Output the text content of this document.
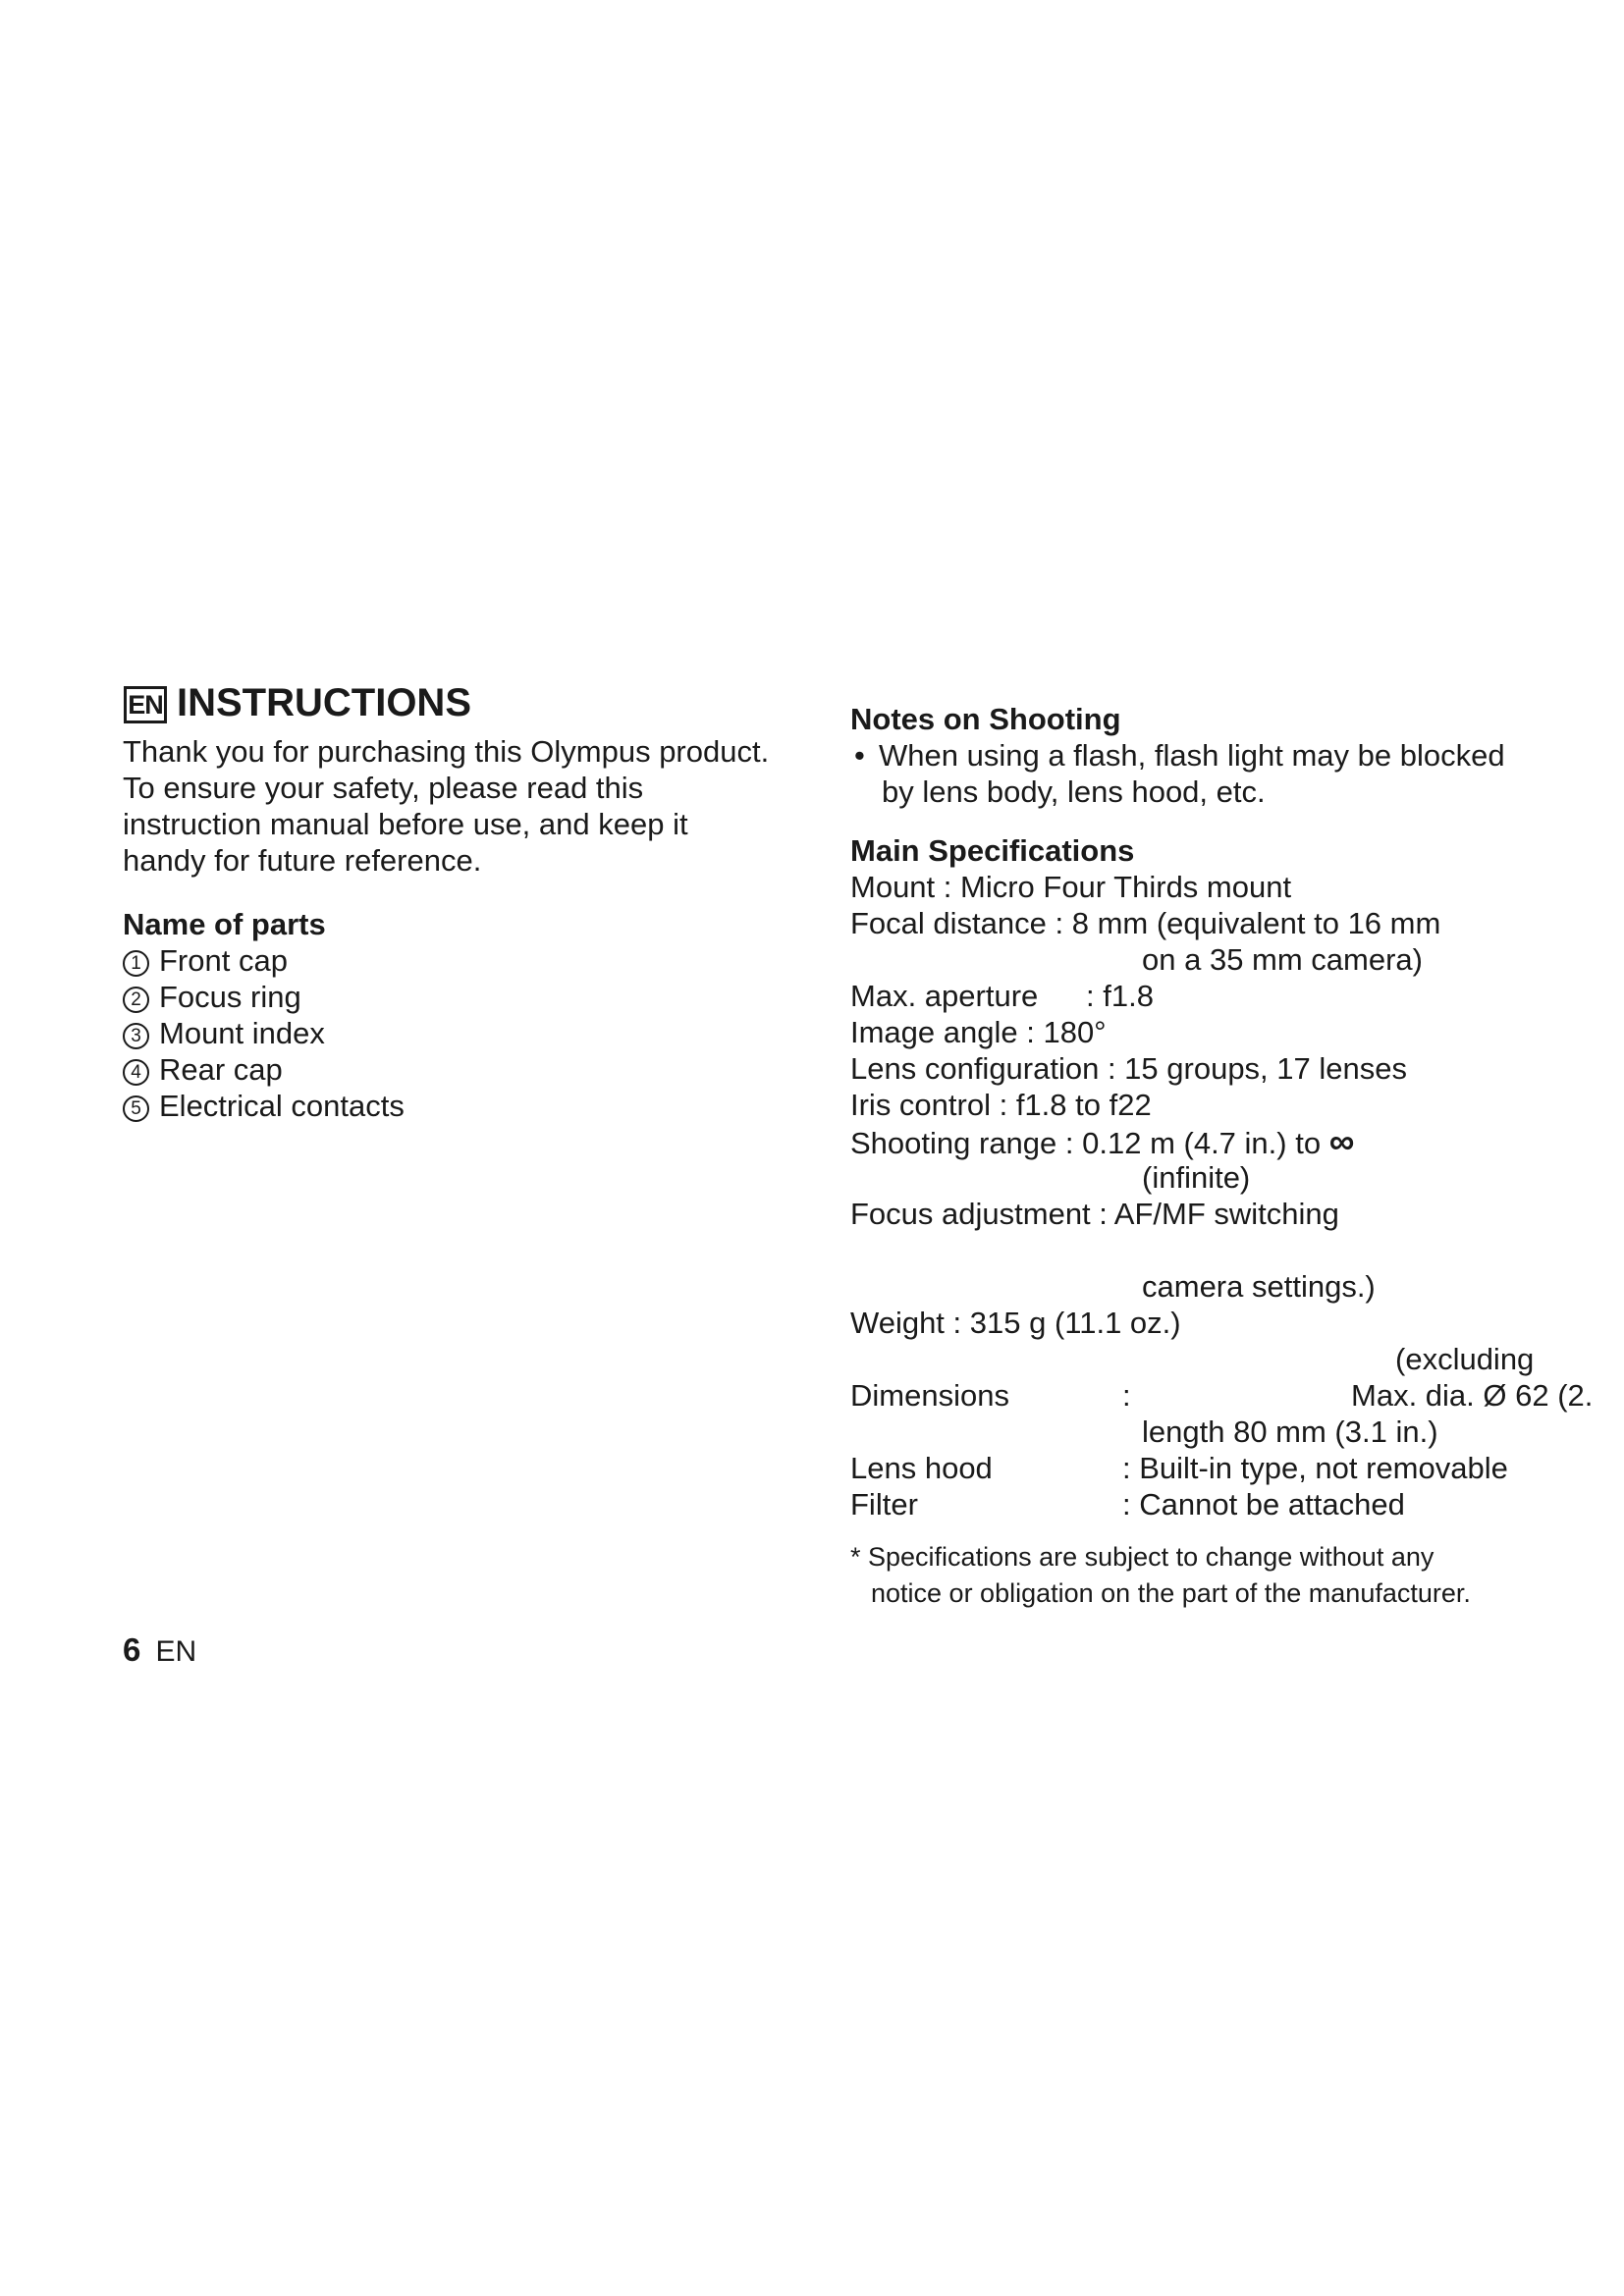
EN INSTRUCTIONS
Thank you for purchasing this Olympus product.
To ensure your safety, please read this
instruction manual before use, and keep it
handy for future reference.
Name of parts
1 Front cap
2 Focus ring
3 Mount index
4 Rear cap
5 Electrical contacts
Notes on Shooting
• When using a flash, flash light may be blocked
by lens body, lens hood, etc.
Main Specifications
Mount : Micro Four Thirds mount
Focal distance : 8 mm (equivalent to 16 mm
on a 35 mm camera)
Max. aperture : f1.8
Image angle : 180°
Lens configuration : 15 groups, 17 lenses
Iris control : f1.8 to f22
Shooting range : 0.12 m (4.7 in.) to ∞
(infinite)
Focus adjustment : AF/MF switching
camera settings.)
Weight : 315 g (11.1 oz.)
(excluding
Dimensions	:	Max. dia. Ø 62 (2.
length 80 mm (3.1 in.)
Lens hood	: Built-in type, not removable
Filter	: Cannot be attached
* Specifications are subject to change without any
notice or obligation on the part of the manufacturer.
6 EN
